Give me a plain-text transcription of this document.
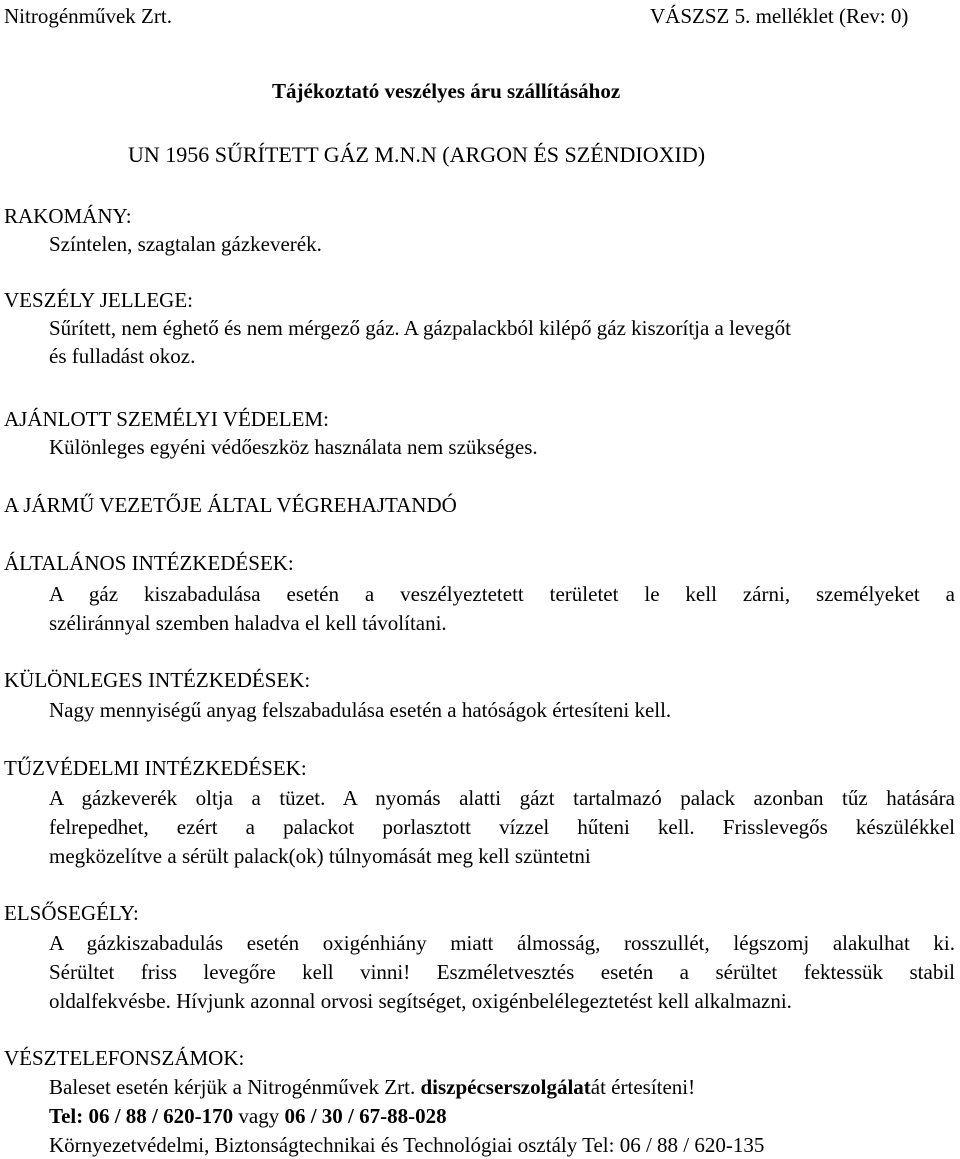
Nitrogénművek Zrt.	VÁSZSZ 5. melléklet (Rev: 0)
Tájékoztató veszélyes áru szállításához
UN 1956 SŰRÍTETT GÁZ M.N.N (ARGON ÉS SZÉNDIOXID)
RAKOMÁNY:
Színtelen, szagtalan gázkeverék.
VESZÉLY JELLEGE:
Sűrített, nem éghető és nem mérgező gáz. A gázpalackból kilépő gáz kiszorítja a levegőt
és fulladást okoz.
AJÁNLOTT SZEMÉLYI VÉDELEM:
Különleges egyéni védőeszköz használata nem szükséges.
A JÁRMŰ VEZETŐJE ÁLTAL VÉGREHAJTANDÓ
ÁLTALÁNOS INTÉZKEDÉSEK:
A gáz kiszabadulása esetén a veszélyeztetett területet le kell zárni, személyeket a
széliránnyal szemben haladva el kell távolítani.
KÜLÖNLEGES INTÉZKEDÉSEK:
Nagy mennyiségű anyag felszabadulása esetén a hatóságok értesíteni kell.
TŰZVÉDELMI INTÉZKEDÉSEK:
A gázkeverék oltja a tüzet. A nyomás alatti gázt tartalmazó palack azonban tűz hatására
felrepedhet, ezért a palackot porlasztott vízzel hűteni kell. Frisslevegős készülékkel
megközelítve a sérült palack(ok) túlnyomását meg kell szüntetni
ELSŐSEGÉLY:
A gázkiszabadulás esetén oxigénhiány miatt álmosság, rosszullét, légszomj alakulhat ki.
Sérültet friss levegőre kell vinni! Eszméletvesztés esetén a sérültet fektessük stabil
oldalfekvésbe. Hívjunk azonnal orvosi segítséget, oxigénbelélegeztetést kell alkalmazni.
VÉSZTELEFONSZÁMOK:
Baleset esetén kérjük a Nitrogénművek Zrt. diszpécserszolgálatát értesíteni!
Tel: 06 / 88 / 620-170 vagy 06 / 30 / 67-88-028
Környezetvédelmi, Biztonságtechnikai és Technológiai osztály Tel: 06 / 88 / 620-135
